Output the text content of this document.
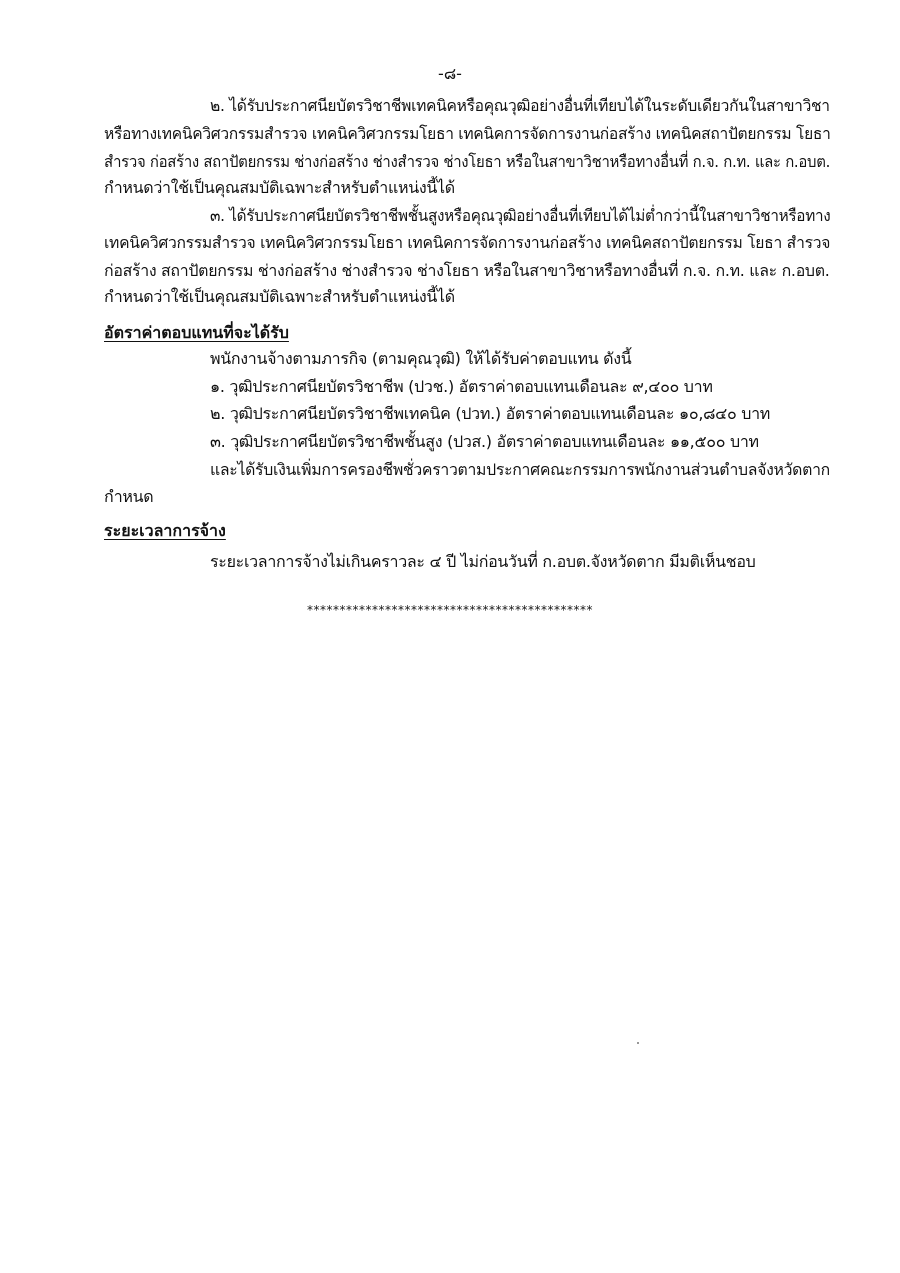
-๘-
๒. ได้รับประกาศนียบัตรวิชาชีพเทคนิคหรือคุณวุฒิอย่างอื่นที่เทียบได้ในระดับเดียวกันในสาขาวิชา
หรือทางเทคนิควิศวกรรมสำรวจ เทคนิควิศวกรรมโยธา เทคนิคการจัดการงานก่อสร้าง เทคนิคสถาปัตยกรรม โยธา
สำรวจ ก่อสร้าง สถาปัตยกรรม ช่างก่อสร้าง ช่างสำรวจ ช่างโยธา หรือในสาขาวิชาหรือทางอื่นที่ ก.จ. ก.ท. และ ก.อบต.
กำหนดว่าใช้เป็นคุณสมบัติเฉพาะสำหรับตำแหน่งนี้ได้
๓. ได้รับประกาศนียบัตรวิชาชีพชั้นสูงหรือคุณวุฒิอย่างอื่นที่เทียบได้ไม่ต่ำกว่านี้ในสาขาวิชาหรือทาง
เทคนิควิศวกรรมสำรวจ เทคนิควิศวกรรมโยธา เทคนิคการจัดการงานก่อสร้าง เทคนิคสถาปัตยกรรม โยธา สำรวจ
ก่อสร้าง สถาปัตยกรรม ช่างก่อสร้าง ช่างสำรวจ ช่างโยธา หรือในสาขาวิชาหรือทางอื่นที่ ก.จ. ก.ท. และ ก.อบต.
กำหนดว่าใช้เป็นคุณสมบัติเฉพาะสำหรับตำแหน่งนี้ได้
อัตราค่าตอบแทนที่จะได้รับ
พนักงานจ้างตามภารกิจ (ตามคุณวุฒิ) ให้ได้รับค่าตอบแทน ดังนี้
๑. วุฒิประกาศนียบัตรวิชาชีพ (ปวช.) อัตราค่าตอบแทนเดือนละ ๙,๔๐๐ บาท
๒. วุฒิประกาศนียบัตรวิชาชีพเทคนิค (ปวท.) อัตราค่าตอบแทนเดือนละ ๑๐,๘๔๐ บาท
๓. วุฒิประกาศนียบัตรวิชาชีพชั้นสูง (ปวส.) อัตราค่าตอบแทนเดือนละ ๑๑,๕๐๐ บาท
และได้รับเงินเพิ่มการครองชีพชั่วคราวตามประกาศคณะกรรมการพนักงานส่วนตำบลจังหวัดตาก
กำหนด
ระยะเวลาการจ้าง
ระยะเวลาการจ้างไม่เกินคราวละ ๔ ปี ไม่ก่อนวันที่ ก.อบต.จังหวัดตาก มีมติเห็นชอบ
********************************************
